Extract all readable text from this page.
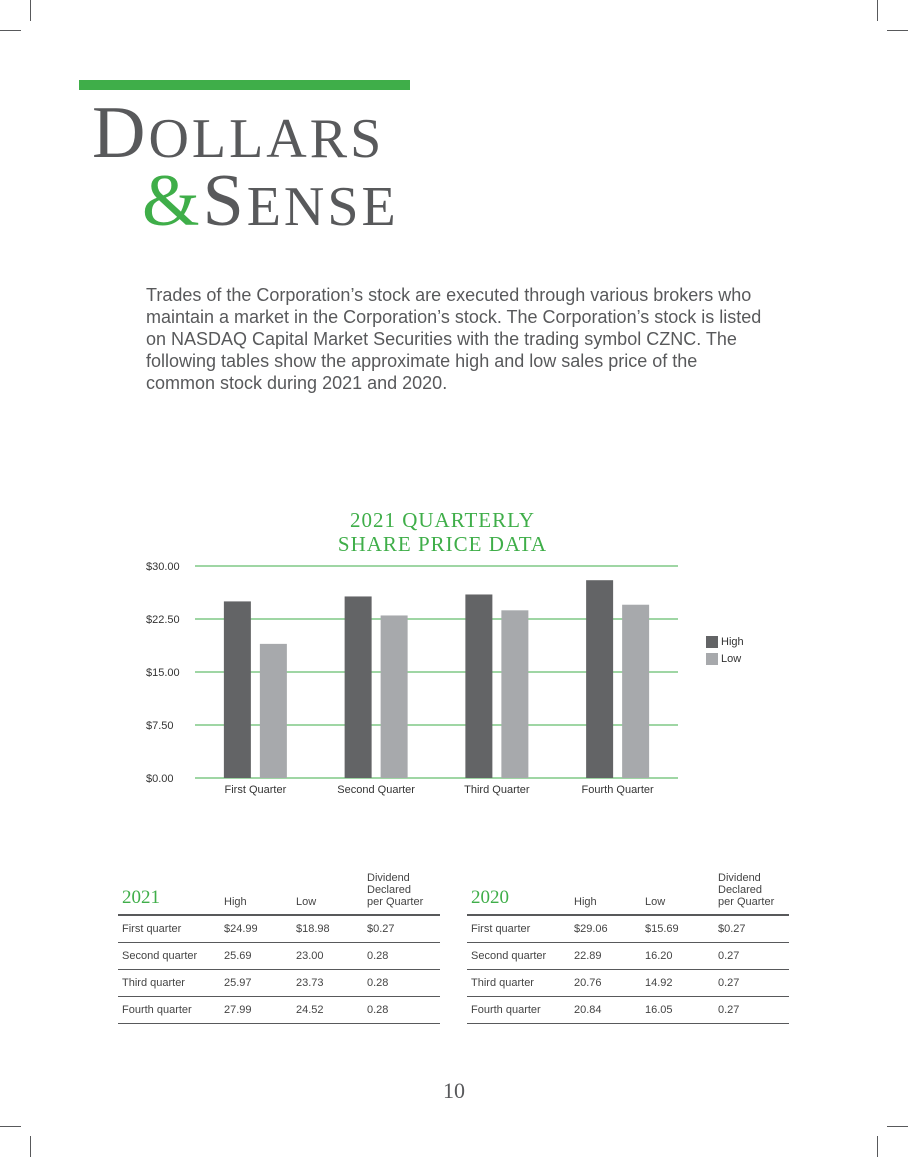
DOLLARS
&SENSE
Trades of the Corporation’s stock are executed through various brokers who maintain a market in the Corporation’s stock. The Corporation’s stock is listed on NASDAQ Capital Market Securities with the trading symbol CZNC. The following tables show the approximate high and low sales price of the common stock during 2021 and 2020.
2021 QUARTERLY
SHARE PRICE DATA
$0.00
$7.50
$15.00
$22.50
$30.00
First Quarter	Second Quarter	Third Quarter	Fourth Quarter
High
Low
2021	High	Low	Dividend
Declared
per Quarter

First quarter	$24.99	$18.98	$0.27
Second quarter	25.69	23.00	0.28
Third quarter	25.97	23.73	0.28
Fourth quarter	27.99	24.52	0.28
2020	High	Low	Dividend
Declared
per Quarter

First quarter	$29.06	$15.69	$0.27
Second quarter	22.89	16.20	0.27
Third quarter	20.76	14.92	0.27
Fourth quarter	20.84	16.05	0.27
10
